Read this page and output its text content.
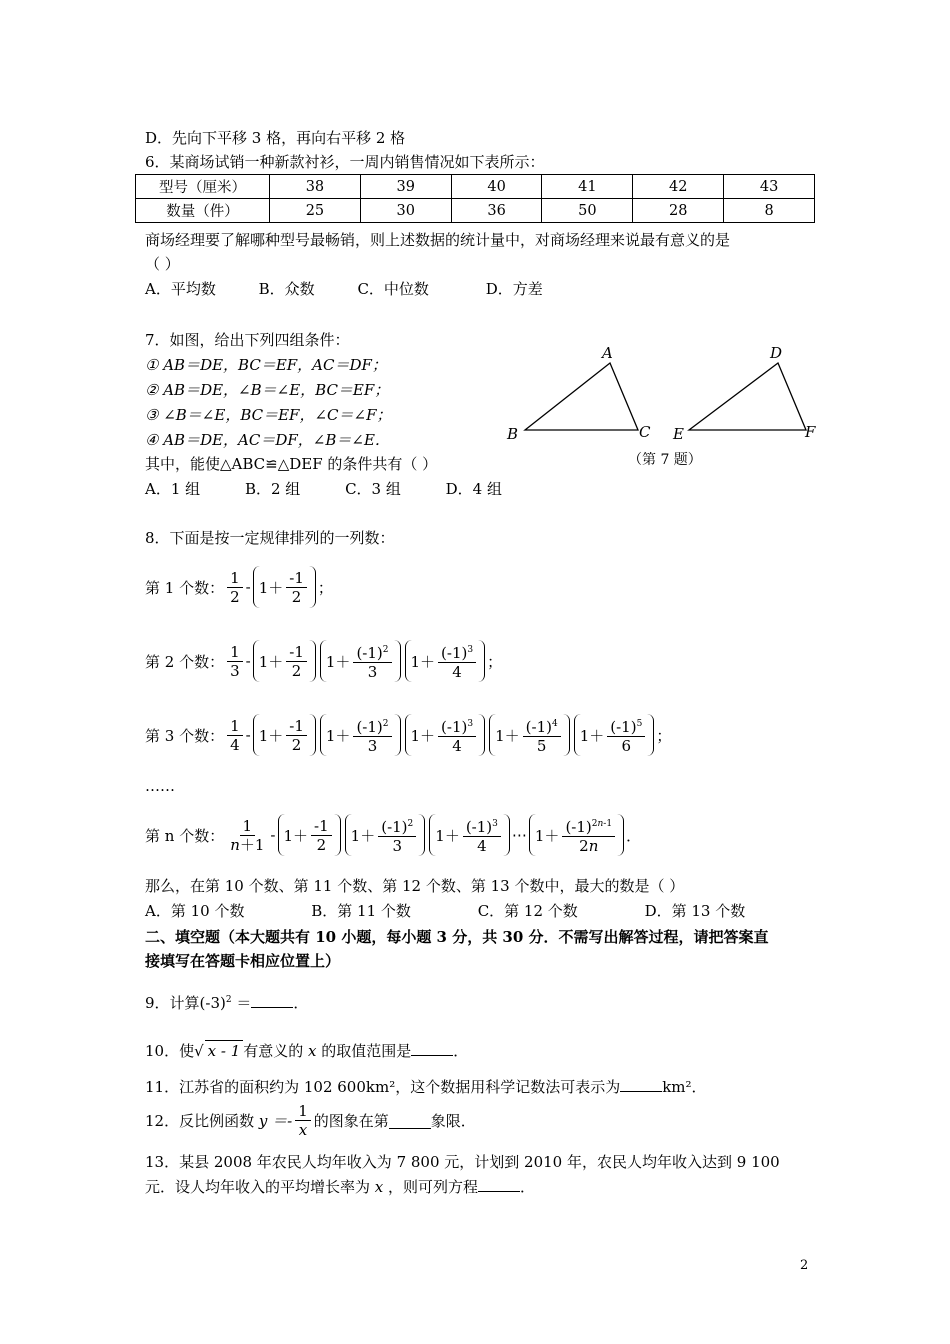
D．先向下平移 3 格，再向右平移 2 格
6．某商场试销一种新款衬衫，一周内销售情况如下表所示：
型号（厘米）	38	39	40	41	42	43
数量（件）	25	30	36	50	28	8
商场经理要了解哪种型号最畅销，则上述数据的统计量中，对商场经理来说最有意义的是
（ ）
A．平均数	B．众数	C．中位数	D．方差
7．如图，给出下列四组条件：
① AB＝DE，BC＝EF，AC＝DF；
② AB＝DE，∠B＝∠E，BC＝EF；
③ ∠B＝∠E，BC＝EF，∠C＝∠F；
④ AB＝DE，AC＝DF，∠B＝∠E．
其中，能使△ABC≌△DEF 的条件共有（ ）
A．1 组	B．2 组	C．3 组	D．4 组
A
B	C
D
E	F
（第 7 题）
8．下面是按一定规律排列的一列数：
第 1 个数： $\frac{1}{2} - 1+ \frac{-1}{2}$ ；
第 2 个数： $\frac{1}{3} - 1+ \frac{-1}{2}$	$1+ \frac{(-1)^2}{3}$	$1+ \frac{(-1)^3}{4}$ ；
第 3 个数： $\frac{1}{4} - 1+ \frac{-1}{2}$	$1+ \frac{(-1)^2}{3}$	$1+ \frac{(-1)^3}{4}$	$1+ \frac{(-1)^4}{5}$	$1+ \frac{(-1)^5}{6}$ ；
……
第 n 个数： $\frac{1}{n+1} - 1+ \frac{-1}{2}$	$1+ \frac{(-1)^2}{3}$	$1+ \frac{(-1)^3}{4}$ ⋯ $1+ \frac{(-1)^{2n-1}}{2n}$ ．
那么，在第 10 个数、第 11 个数、第 12 个数、第 13 个数中，最大的数是（ ）
A．第 10 个数	B．第 11 个数	C．第 12 个数	D．第 13 个数
二、填空题（本大题共有 10 小题，每小题 3 分，共 30 分．不需写出解答过程，请把答案直
接填写在答题卡相应位置上）
9．计算$(-3)^2$ ＝	．
10．使√ x - 1 有意义的 x 的取值范围是	．
11．江苏省的面积约为 102 600km²，这个数据用科学记数法可表示为	km²．
12．反比例函数 $y =- \frac{1}{x}$ 的图象在第	象限．
13．某县 2008 年农民人均年收入为 7 800 元，计划到 2010 年，农民人均年收入达到 9 100
元．设人均年收入的平均增长率为 x ，则可列方程	．
2
